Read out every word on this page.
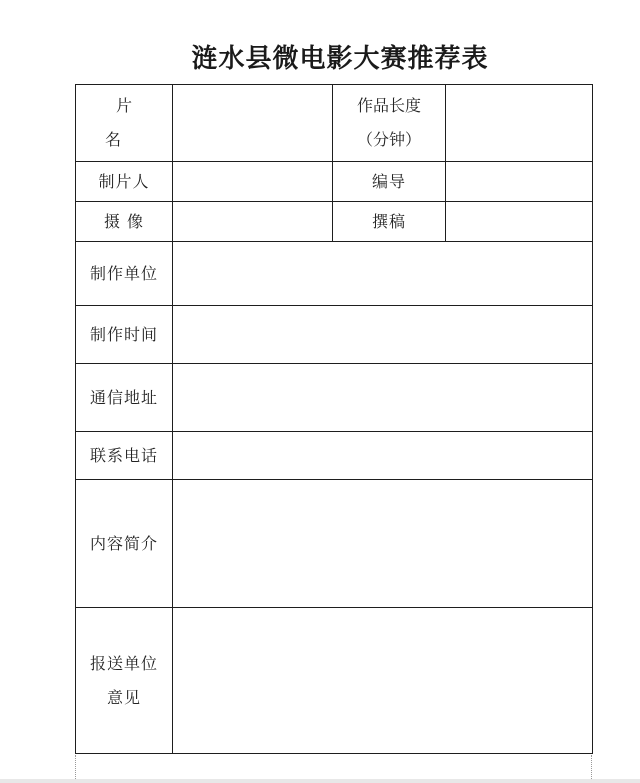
涟水县微电影大赛推荐表
片 名		作品长度
（分钟）	

制片人		编导	
摄 像		撰稿	
制作单位			
制作时间			
通信地址			
联系电话			
内容简介			

报送单位
意见			
